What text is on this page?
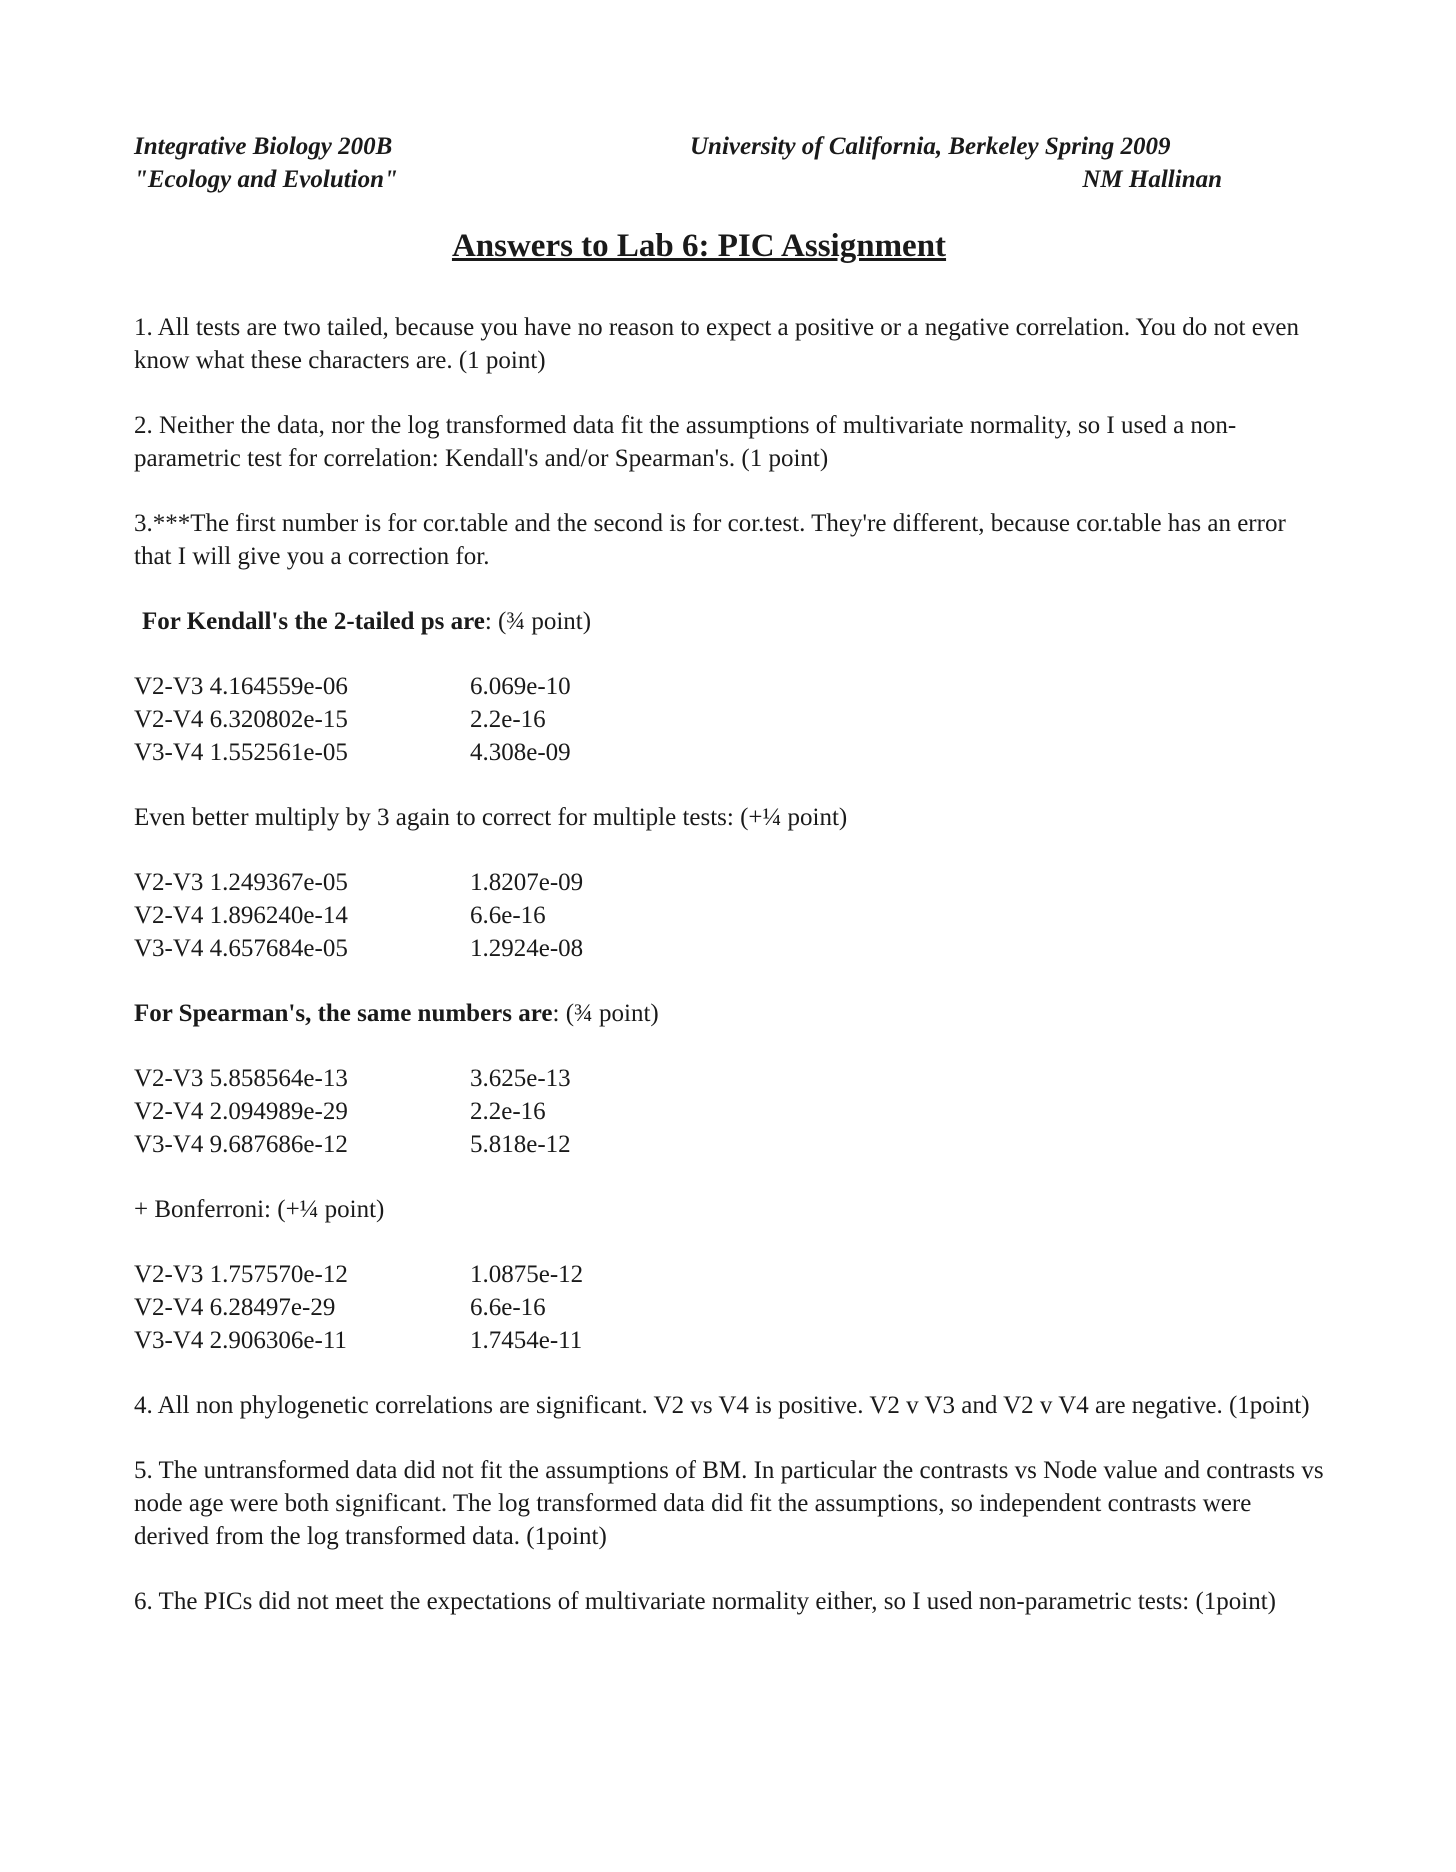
Integrative Biology 200B
"Ecology and Evolution"
University of California, Berkeley Spring 2009
NM Hallinan
Answers to Lab 6: PIC Assignment

1. All tests are two tailed, because you have no reason to expect a positive or a negative correlation. You do not even know what these characters are. (1 point)

2. Neither the data, nor the log transformed data fit the assumptions of multivariate normality, so I used a non-parametric test for correlation: Kendall's and/or Spearman's. (1 point)

3.***The first number is for cor.table and the second is for cor.test. They're different, because cor.table has an error that I will give you a correction for.

For Kendall's the 2-tailed ps are: (¾ point)

V2-V3 4.164559e-06	6.069e-10
V2-V4 6.320802e-15	2.2e-16
V3-V4 1.552561e-05	4.308e-09

Even better multiply by 3 again to correct for multiple tests: (+¼ point)

V2-V3 1.249367e-05	1.8207e-09
V2-V4 1.896240e-14	6.6e-16
V3-V4 4.657684e-05	1.2924e-08

For Spearman's, the same numbers are: (¾ point)

V2-V3 5.858564e-13	3.625e-13
V2-V4 2.094989e-29	2.2e-16
V3-V4 9.687686e-12	5.818e-12

+ Bonferroni: (+¼ point)

V2-V3 1.757570e-12	1.0875e-12
V2-V4 6.28497e-29	6.6e-16
V3-V4 2.906306e-11	1.7454e-11

4. All non phylogenetic correlations are significant. V2 vs V4 is positive. V2 v V3 and V2 v V4 are negative. (1point)

5. The untransformed data did not fit the assumptions of BM. In particular the contrasts vs Node value and contrasts vs node age were both significant. The log transformed data did fit the assumptions, so independent contrasts were derived from the log transformed data. (1point)

6. The PICs did not meet the expectations of multivariate normality either, so I used non-parametric tests: (1point)
